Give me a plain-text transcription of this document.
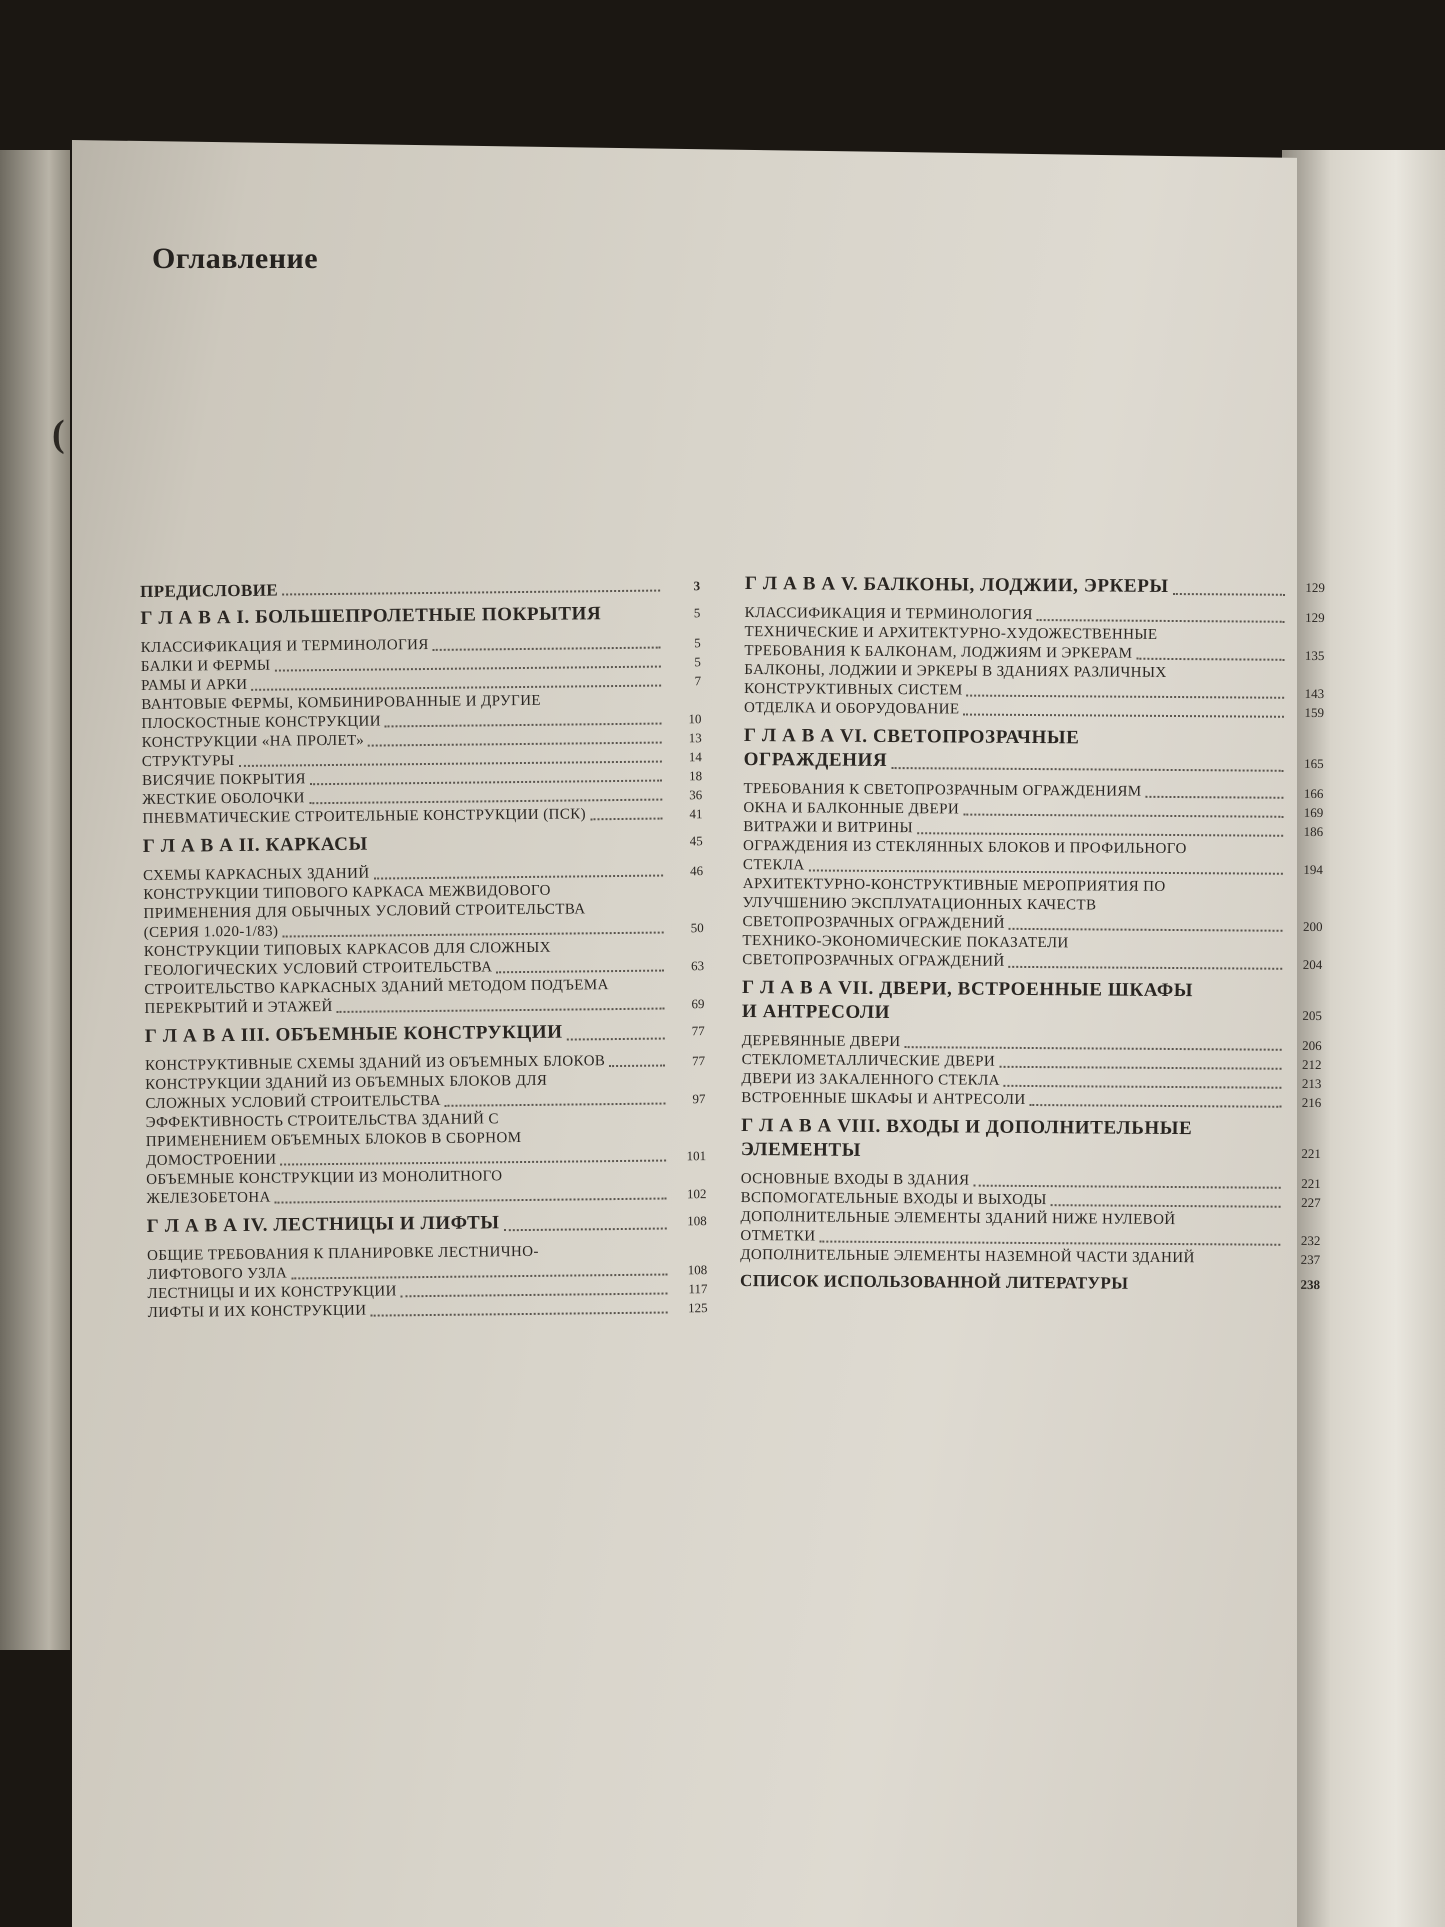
(
Оглавление
ПРЕДИСЛОВИЕ	3
Г Л А В А I. БОЛЬШЕПРОЛЕТНЫЕ ПОКРЫТИЯ	5
КЛАССИФИКАЦИЯ И ТЕРМИНОЛОГИЯ	5
БАЛКИ И ФЕРМЫ	5
РАМЫ И АРКИ	7
ВАНТОВЫЕ ФЕРМЫ, КОМБИНИРОВАННЫЕ И ДРУГИЕ
ПЛОСКОСТНЫЕ КОНСТРУКЦИИ	10
КОНСТРУКЦИИ «НА ПРОЛЕТ»	13
СТРУКТУРЫ	14
ВИСЯЧИЕ ПОКРЫТИЯ	18
ЖЕСТКИЕ ОБОЛОЧКИ	36
ПНЕВМАТИЧЕСКИЕ СТРОИТЕЛЬНЫЕ КОНСТРУКЦИИ (ПСК)	41
Г Л А В А II. КАРКАСЫ	45
СХЕМЫ КАРКАСНЫХ ЗДАНИЙ	46
КОНСТРУКЦИИ ТИПОВОГО КАРКАСА МЕЖВИДОВОГО
ПРИМЕНЕНИЯ ДЛЯ ОБЫЧНЫХ УСЛОВИЙ СТРОИТЕЛЬСТВА
(СЕРИЯ 1.020-1/83)	50
КОНСТРУКЦИИ ТИПОВЫХ КАРКАСОВ ДЛЯ СЛОЖНЫХ
ГЕОЛОГИЧЕСКИХ УСЛОВИЙ СТРОИТЕЛЬСТВА	63
СТРОИТЕЛЬСТВО КАРКАСНЫХ ЗДАНИЙ МЕТОДОМ ПОДЪЕМА
ПЕРЕКРЫТИЙ И ЭТАЖЕЙ	69
Г Л А В А III. ОБЪЕМНЫЕ КОНСТРУКЦИИ	77
КОНСТРУКТИВНЫЕ СХЕМЫ ЗДАНИЙ ИЗ ОБЪЕМНЫХ БЛОКОВ	77
КОНСТРУКЦИИ ЗДАНИЙ ИЗ ОБЪЕМНЫХ БЛОКОВ ДЛЯ
СЛОЖНЫХ УСЛОВИЙ СТРОИТЕЛЬСТВА	97
ЭФФЕКТИВНОСТЬ СТРОИТЕЛЬСТВА ЗДАНИЙ С
ПРИМЕНЕНИЕМ ОБЪЕМНЫХ БЛОКОВ В СБОРНОМ
ДОМОСТРОЕНИИ	101
ОБЪЕМНЫЕ КОНСТРУКЦИИ ИЗ МОНОЛИТНОГО
ЖЕЛЕЗОБЕТОНА	102
Г Л А В А IV. ЛЕСТНИЦЫ И ЛИФТЫ	108
ОБЩИЕ ТРЕБОВАНИЯ К ПЛАНИРОВКЕ ЛЕСТНИЧНО-
ЛИФТОВОГО УЗЛА	108
ЛЕСТНИЦЫ И ИХ КОНСТРУКЦИИ	117
ЛИФТЫ И ИХ КОНСТРУКЦИИ	125
Г Л А В А V. БАЛКОНЫ, ЛОДЖИИ, ЭРКЕРЫ	129
КЛАССИФИКАЦИЯ И ТЕРМИНОЛОГИЯ	129
ТЕХНИЧЕСКИЕ И АРХИТЕКТУРНО-ХУДОЖЕСТВЕННЫЕ
ТРЕБОВАНИЯ К БАЛКОНАМ, ЛОДЖИЯМ И ЭРКЕРАМ	135
БАЛКОНЫ, ЛОДЖИИ И ЭРКЕРЫ В ЗДАНИЯХ РАЗЛИЧНЫХ
КОНСТРУКТИВНЫХ СИСТЕМ	143
ОТДЕЛКА И ОБОРУДОВАНИЕ	159
Г Л А В А VI. СВЕТОПРОЗРАЧНЫЕ
ОГРАЖДЕНИЯ	165
ТРЕБОВАНИЯ К СВЕТОПРОЗРАЧНЫМ ОГРАЖДЕНИЯМ	166
ОКНА И БАЛКОННЫЕ ДВЕРИ	169
ВИТРАЖИ И ВИТРИНЫ	186
ОГРАЖДЕНИЯ ИЗ СТЕКЛЯННЫХ БЛОКОВ И ПРОФИЛЬНОГО
СТЕКЛА	194
АРХИТЕКТУРНО-КОНСТРУКТИВНЫЕ МЕРОПРИЯТИЯ ПО
УЛУЧШЕНИЮ ЭКСПЛУАТАЦИОННЫХ КАЧЕСТВ
СВЕТОПРОЗРАЧНЫХ ОГРАЖДЕНИЙ	200
ТЕХНИКО-ЭКОНОМИЧЕСКИЕ ПОКАЗАТЕЛИ
СВЕТОПРОЗРАЧНЫХ ОГРАЖДЕНИЙ	204
Г Л А В А VII. ДВЕРИ, ВСТРОЕННЫЕ ШКАФЫ
И АНТРЕСОЛИ	205
ДЕРЕВЯННЫЕ ДВЕРИ	206
СТЕКЛОМЕТАЛЛИЧЕСКИЕ ДВЕРИ	212
ДВЕРИ ИЗ ЗАКАЛЕННОГО СТЕКЛА	213
ВСТРОЕННЫЕ ШКАФЫ И АНТРЕСОЛИ	216
Г Л А В А VIII. ВХОДЫ И ДОПОЛНИТЕЛЬНЫЕ
ЭЛЕМЕНТЫ	221
ОСНОВНЫЕ ВХОДЫ В ЗДАНИЯ	221
ВСПОМОГАТЕЛЬНЫЕ ВХОДЫ И ВЫХОДЫ	227
ДОПОЛНИТЕЛЬНЫЕ ЭЛЕМЕНТЫ ЗДАНИЙ НИЖЕ НУЛЕВОЙ
ОТМЕТКИ	232
ДОПОЛНИТЕЛЬНЫЕ ЭЛЕМЕНТЫ НАЗЕМНОЙ ЧАСТИ ЗДАНИЙ	237
СПИСОК ИСПОЛЬЗОВАННОЙ ЛИТЕРАТУРЫ	238
